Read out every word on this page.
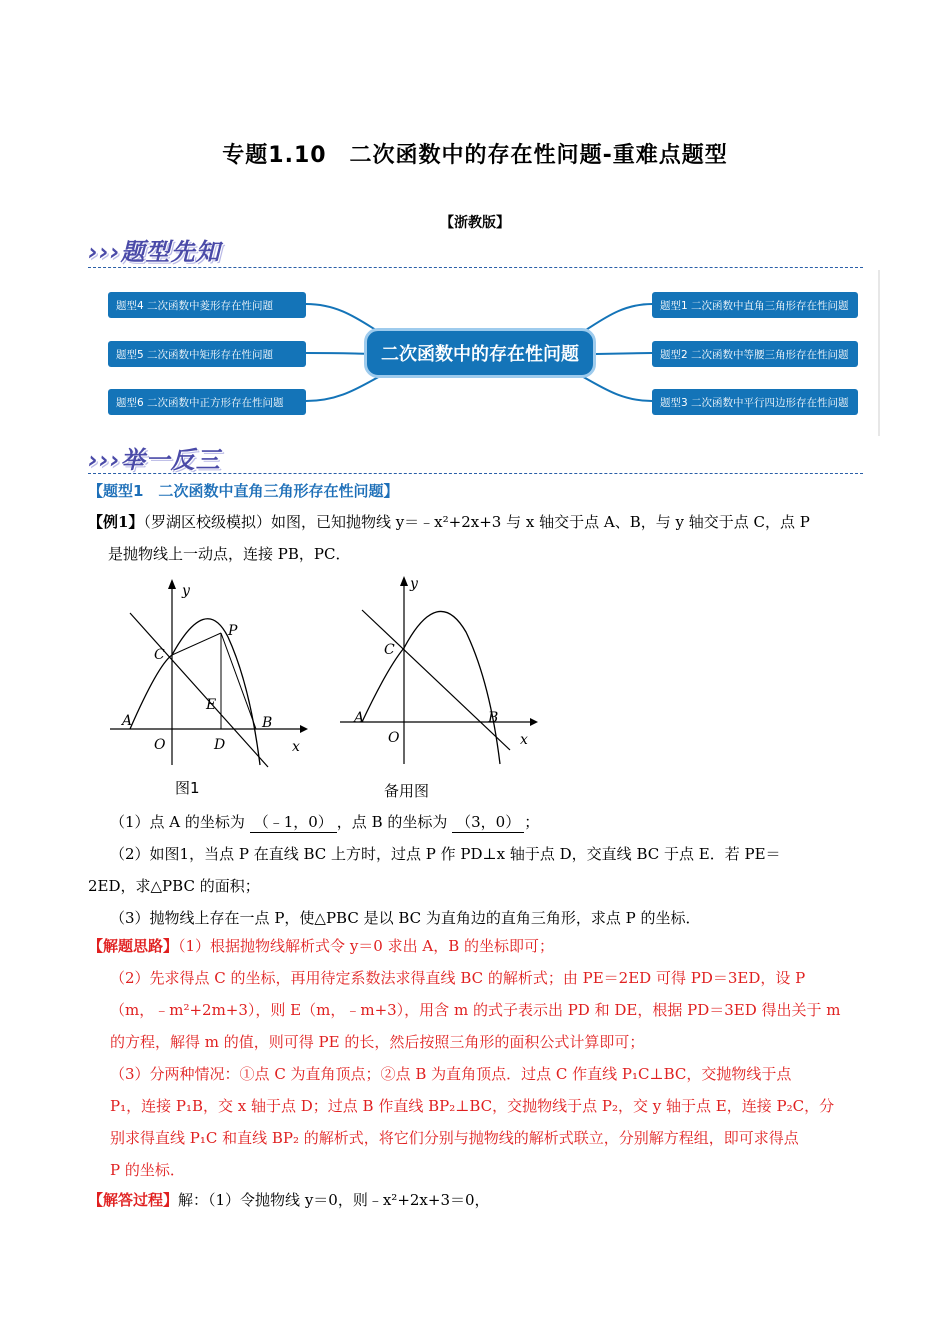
专题1.10　二次函数中的存在性问题-重难点题型
【浙教版】
›››题型先知
题型4 二次函数中菱形存在性问题
题型5 二次函数中矩形存在性问题
题型6 二次函数中正方形存在性问题
二次函数中的存在性问题
题型1 二次函数中直角三角形存在性问题
题型2 二次函数中等腰三角形存在性问题
题型3 二次函数中平行四边形存在性问题
›››举一反三
【题型1　二次函数中直角三角形存在性问题】
【例1】（罗湖区校级模拟）如图，已知抛物线 y＝﹣x²+2x+3 与 x 轴交于点 A、B，与 y 轴交于点 C，点 P
是抛物线上一动点，连接 PB，PC．
y
x
O
A	B
C
P
E
D
图1
y
x
O
A	B
C
备用图
（1）点 A 的坐标为 （﹣1，0） ，点 B 的坐标为 （3，0） ；
（2）如图1，当点 P 在直线 BC 上方时，过点 P 作 PD⊥x 轴于点 D，交直线 BC 于点 E．若 PE＝
2ED，求△PBC 的面积；
（3）抛物线上存在一点 P，使△PBC 是以 BC 为直角边的直角三角形，求点 P 的坐标．
【解题思路】（1）根据抛物线解析式令 y＝0 求出 A，B 的坐标即可；
（2）先求得点 C 的坐标，再用待定系数法求得直线 BC 的解析式；由 PE＝2ED 可得 PD＝3ED，设 P
（m，﹣m²+2m+3），则 E（m，﹣m+3），用含 m 的式子表示出 PD 和 DE，根据 PD＝3ED 得出关于 m
的方程，解得 m 的值，则可得 PE 的长，然后按照三角形的面积公式计算即可；
（3）分两种情况：①点 C 为直角顶点；②点 B 为直角顶点．过点 C 作直线 P₁C⊥BC，交抛物线于点
P₁，连接 P₁B，交 x 轴于点 D；过点 B 作直线 BP₂⊥BC，交抛物线于点 P₂，交 y 轴于点 E，连接 P₂C，分
别求得直线 P₁C 和直线 BP₂ 的解析式，将它们分别与抛物线的解析式联立，分别解方程组，即可求得点
P 的坐标．
【解答过程】解：（1）令抛物线 y＝0，则﹣x²+2x+3＝0，
